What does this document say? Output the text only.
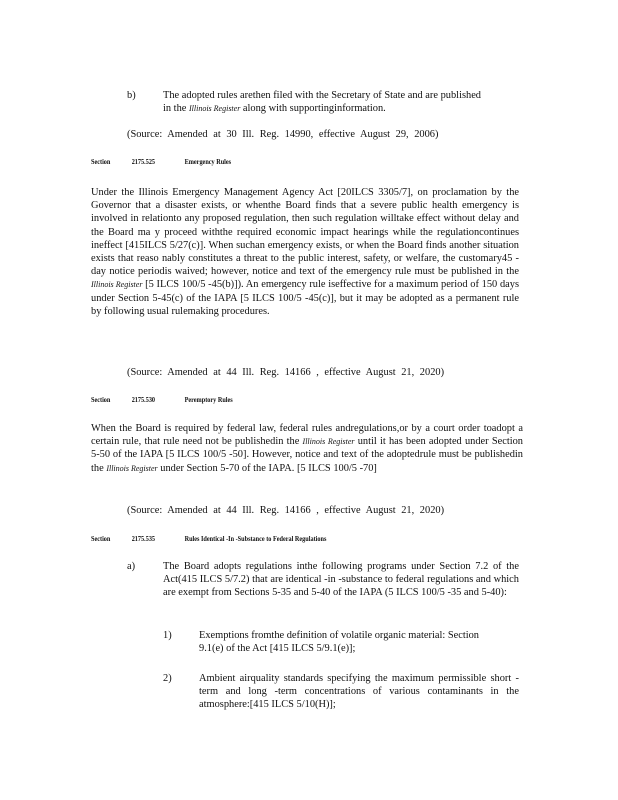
b)	The adopted rules arethen filed with the Secretary of State and are published in the Illinois Register along with supportinginformation.

(Source: Amended at 30 Ill. Reg. 14990, effective August 29, 2006)
Section	2175.525	Emergency Rules

Under the Illinois Emergency Management Agency Act [20ILCS 3305/7], on proclamation by the Governor that a disaster exists, or whenthe Board finds that a severe public health emergency is involved in relationto any proposed regulation, then such regulation willtake effect without delay and the Board ma y proceed withthe required economic impact hearings while the regulationcontinues ineffect [415ILCS 5/27(c)]. When suchan emergency exists, or when the Board finds another situation exists that reaso nably constitutes a threat to the public interest, safety, or welfare, the customary45 -day notice periodis waived; however, notice and text of the emergency rule must be published in the Illinois Register [5 ILCS 100/5 -45(b)]). An emergency rule iseffective for a maximum period of 150 days under Section 5-45(c) of the IAPA [5 ILCS 100/5 -45(c)], but it may be adopted as a permanent rule by following usual rulemaking procedures.

(Source: Amended at 44 Ill. Reg. 14166 , effective August 21, 2020)
Section	2175.530	Peremptory Rules

When the Board is required by federal law, federal rules andregulations,or by a court order toadopt a certain rule, that rule need not be publishedin the Illinois Register until it has been adopted under Section 5-50 of the IAPA [5 ILCS 100/5 -50]. However, notice and text of the adoptedrule must be publishedin the Illinois Register under Section 5-70 of the IAPA. [5 ILCS 100/5 -70]

(Source: Amended at 44 Ill. Reg. 14166 , effective August 21, 2020)
Section	2175.535	Rules Identical -In -Substance to Federal Regulations
a)	The Board adopts regulations inthe following programs under Section 7.2 of the Act(415 ILCS 5/7.2) that are identical -in -substance to federal regulations and which are exempt from Sections 5-35 and 5-40 of the IAPA (5 ILCS 100/5 -35 and 5-40):

1)	Exemptions fromthe definition of volatile organic material: Section 9.1(e) of the Act [415 ILCS 5/9.1(e)];

2)	Ambient airquality standards specifying the maximum permissible short -term and long -term concentrations of various contaminants in the atmosphere:[415 ILCS 5/10(H)];
